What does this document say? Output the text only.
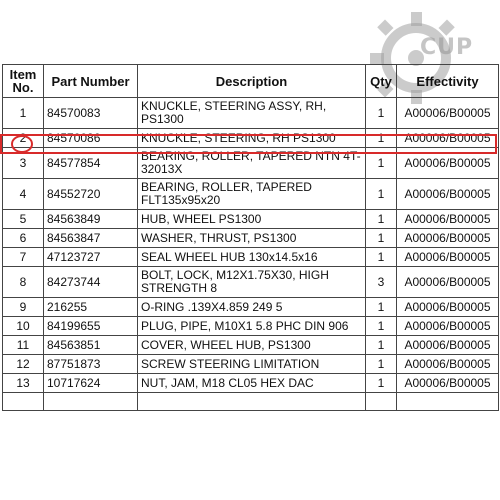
CUP
Item
No.	Part Number	Description	Qty	Effectivity
1	84570083	KNUCKLE, STEERING ASSY, RH, PS1300	1	A00006/B00005
2	84570086	KNUCKLE, STEERING, RH PS1300	1	A00006/B00005
3	84577854	BEARING, ROLLER, TAPERED NTN 4T-32013X	1	A00006/B00005
4	84552720	BEARING, ROLLER, TAPERED FLT135x95x20	1	A00006/B00005
5	84563849	HUB, WHEEL PS1300	1	A00006/B00005
6	84563847	WASHER, THRUST, PS1300	1	A00006/B00005
7	47123727	SEAL WHEEL HUB 130x14.5x16	1	A00006/B00005
8	84273744	BOLT, LOCK, M12X1.75X30, HIGH STRENGTH 8	3	A00006/B00005
9	216255	O-RING .139X4.859 249 5	1	A00006/B00005
10	84199655	PLUG, PIPE, M10X1 5.8 PHC DIN 906	1	A00006/B00005
11	84563851	COVER, WHEEL HUB, PS1300	1	A00006/B00005
12	87751873	SCREW STEERING LIMITATION	1	A00006/B00005
13	10717624	NUT, JAM, M18 CL05 HEX DAC	1	A00006/B00005
